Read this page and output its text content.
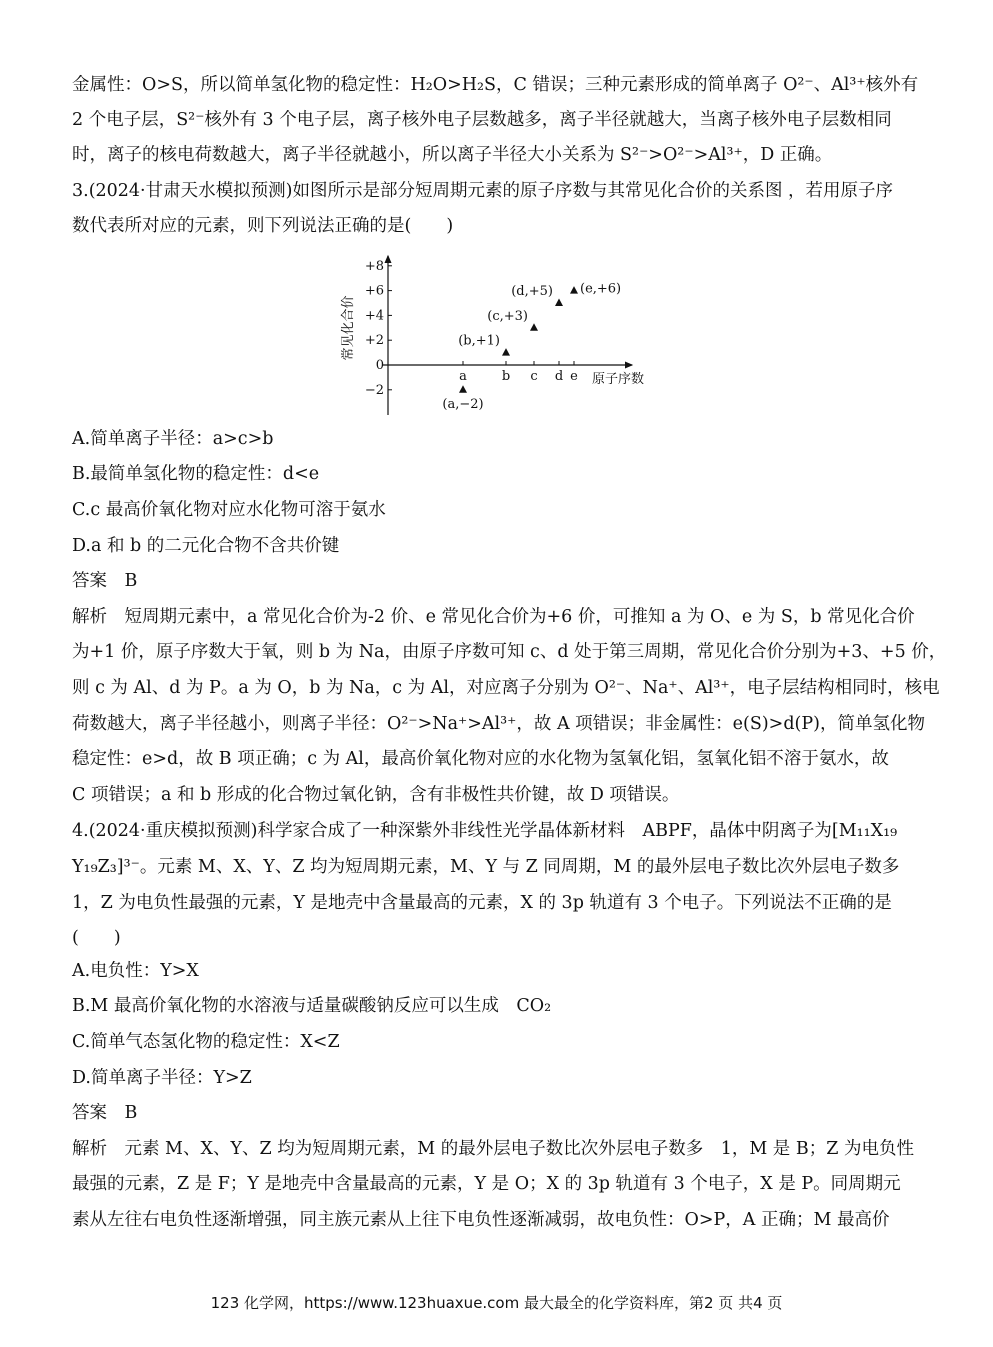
金属性：O>S，所以简单氢化物的稳定性：H₂O>H₂S，C 错误；三种元素形成的简单离子 O²⁻、Al³⁺核外有
2 个电子层，S²⁻核外有 3 个电子层，离子核外电子层数越多，离子半径就越大，当离子核外电子层数相同
时，离子的核电荷数越大，离子半径就越小，所以离子半径大小关系为 S²⁻>O²⁻>Al³⁺，D 正确。
3.(2024·甘肃天水模拟预测)如图所示是部分短周期元素的原子序数与其常见化合价的关系图 ，若用原子序
数代表所对应的元素，则下列说法正确的是(　　)
常见化合价
原子序数
+8
+6
+4
+2
0
−2
a	b c d e
(a,−2)
(b,+1)
(c,+3)
(d,+5) (e,+6)
A.简单离子半径：a>c>b
B.最简单氢化物的稳定性：d<e
C.c 最高价氧化物对应水化物可溶于氨水
D.a 和 b 的二元化合物不含共价键
答案　B
解析　短周期元素中，a 常见化合价为-2 价、e 常见化合价为+6 价，可推知 a 为 O、e 为 S，b 常见化合价
为+1 价，原子序数大于氧，则 b 为 Na，由原子序数可知 c、d 处于第三周期，常见化合价分别为+3、+5 价，
则 c 为 Al、d 为 P。a 为 O，b 为 Na，c 为 Al，对应离子分别为 O²⁻、Na⁺、Al³⁺，电子层结构相同时，核电
荷数越大，离子半径越小，则离子半径：O²⁻>Na⁺>Al³⁺，故 A 项错误；非金属性：e(S)>d(P)，简单氢化物
稳定性：e>d，故 B 项正确；c 为 Al，最高价氧化物对应的水化物为氢氧化铝，氢氧化铝不溶于氨水，故
C 项错误；a 和 b 形成的化合物过氧化钠，含有非极性共价键，故 D 项错误。
4.(2024·重庆模拟预测)科学家合成了一种深紫外非线性光学晶体新材料　ABPF，晶体中阴离子为[M₁₁X₁₉
Y₁₉Z₃]³⁻。元素 M、X、Y、Z 均为短周期元素，M、Y 与 Z 同周期，M 的最外层电子数比次外层电子数多
1，Z 为电负性最强的元素，Y 是地壳中含量最高的元素，X 的 3p 轨道有 3 个电子。下列说法不正确的是
(　　)
A.电负性：Y>X
B.M 最高价氧化物的水溶液与适量碳酸钠反应可以生成　CO₂
C.简单气态氢化物的稳定性：X<Z
D.简单离子半径：Y>Z
答案　B
解析　元素 M、X、Y、Z 均为短周期元素，M 的最外层电子数比次外层电子数多　1，M 是 B；Z 为电负性
最强的元素，Z 是 F；Y 是地壳中含量最高的元素，Y 是 O；X 的 3p 轨道有 3 个电子，X 是 P。同周期元
素从左往右电负性逐渐增强，同主族元素从上往下电负性逐渐减弱，故电负性：O>P，A 正确；M 最高价
123 化学网，https://www.123huaxue.com 最大最全的化学资料库，第2 页 共4 页
